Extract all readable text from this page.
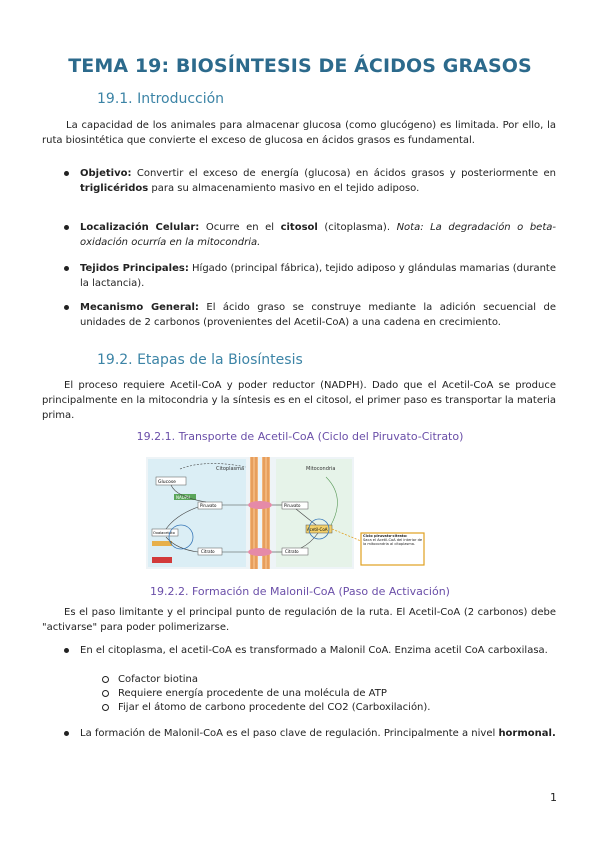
TEMA 19: BIOSÍNTESIS DE ÁCIDOS GRASOS
19.1. Introducción

La capacidad de los animales para almacenar glucosa (como glucógeno) es limitada. Por ello, la ruta biosintética que convierte el exceso de glucosa en ácidos grasos es fundamental.

Objetivo: Convertir el exceso de energía (glucosa) en ácidos grasos y posteriormente en triglicéridos para su almacenamiento masivo en el tejido adiposo.

Localización Celular: Ocurre en el citosol (citoplasma). Nota: La degradación o beta-oxidación ocurría en la mitocondria.

Tejidos Principales: Hígado (principal fábrica), tejido adiposo y glándulas mamarias (durante la lactancia).

Mecanismo General: El ácido graso se construye mediante la adición secuencial de unidades de 2 carbonos (provenientes del Acetil-CoA) a una cadena en crecimiento.

19.2. Etapas de la Biosíntesis

El proceso requiere Acetil-CoA y poder reductor (NADPH). Dado que el Acetil-CoA se produce principalmente en la mitocondria y la síntesis es en el citosol, el primer paso es transportar la materia prima.

19.2.1. Transporte de Acetil-CoA (Ciclo del Piruvato-Citrato)
Citoplasma	Mitocondria
Glucose
NADPH
Piruvato
Oxalacetato
Citrato
Piruvato
Acetil-CoA
Citrato
Ciclo piruvato-citrato:
Saca el Acetil-CoA del interior de la mitocondria al citoplasma.
19.2.2. Formación de Malonil-CoA (Paso de Activación)

Es el paso limitante y el principal punto de regulación de la ruta. El Acetil-CoA (2 carbonos) debe "activarse" para poder polimerizarse.

En el citoplasma, el acetil-CoA es transformado a Malonil CoA. Enzima acetil CoA carboxilasa.

Cofactor biotina
Requiere energía procedente de una molécula de ATP
Fijar el átomo de carbono procedente del CO2 (Carboxilación).

La formación de Malonil-CoA es el paso clave de regulación. Principalmente a nivel hormonal.

1
